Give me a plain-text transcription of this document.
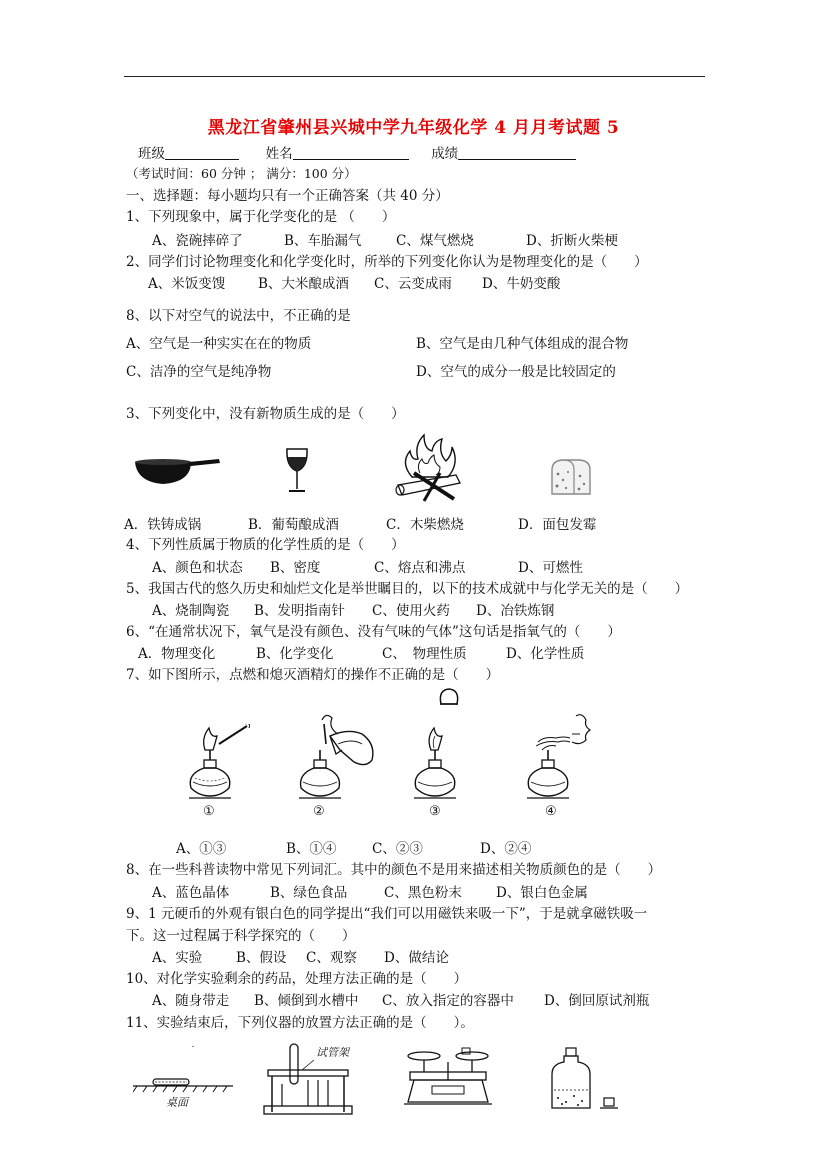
黑龙江省肇州县兴城中学九年级化学 4 月月考试题 5
班级	姓名	成绩
（考试时间：60 分钟 ； 满分：100 分）
一、选择题：每小题均只有一个正确答案（共 40 分）
1、下列现象中，属于化学变化的是 （　　）
A、瓷碗摔碎了	B、车胎漏气	C、煤气燃烧	D、折断火柴梗
2、同学们讨论物理变化和化学变化时，所举的下列变化你认为是物理变化的是（　　）
A、米饭变馊 B、大米酿成酒 C、云变成雨 D、牛奶变酸
8、以下对空气的说法中，不正确的是
A、空气是一种实实在在的物质	B、空气是由几种气体组成的混合物
C、洁净的空气是纯净物	D、空气的成分一般是比较固定的
3、下列变化中，没有新物质生成的是（　　）
A．铁铸成锅	B．葡萄酿成酒	C．木柴燃烧	D．面包发霉
4、下列性质属于物质的化学性质的是（　　）
A、颜色和状态 B、密度	C、熔点和沸点	D、可燃性
5、我国古代的悠久历史和灿烂文化是举世瞩目的，以下的技术成就中与化学无关的是（　　）
A、烧制陶瓷 B、发明指南针 C、使用火药 D、冶铁炼钢
6、“在通常状况下，氧气是没有颜色、没有气味的气体”这句话是指氧气的（　　）
A．物理变化	B、化学变化	C、　物理性质	D、化学性质
7、如下图所示，点燃和熄灭酒精灯的操作不正确的是（　　）
①	②	③	④
A、①③	B、①④	C、②③	D、②④
8、在一些科普读物中常见下列词汇。其中的颜色不是用来描述相关物质颜色的是（　　）
A、蓝色晶体	B、绿色食品	C、黑色粉末	D、银白色金属
9、1 元硬币的外观有银白色的同学提出“我们可以用磁铁来吸一下”，于是就拿磁铁吸一
下。这一过程属于科学探究的（　　）
A、实验	B、假设 C、观察 D、做结论
10、对化学实验剩余的药品，处理方法正确的是（　　）
A、随身带走 B、倾倒到水槽中 C、放入指定的容器中 D、倒回原试剂瓶
11、实验结束后，下列仪器的放置方法正确的是（　　）。
桌面
试管架
